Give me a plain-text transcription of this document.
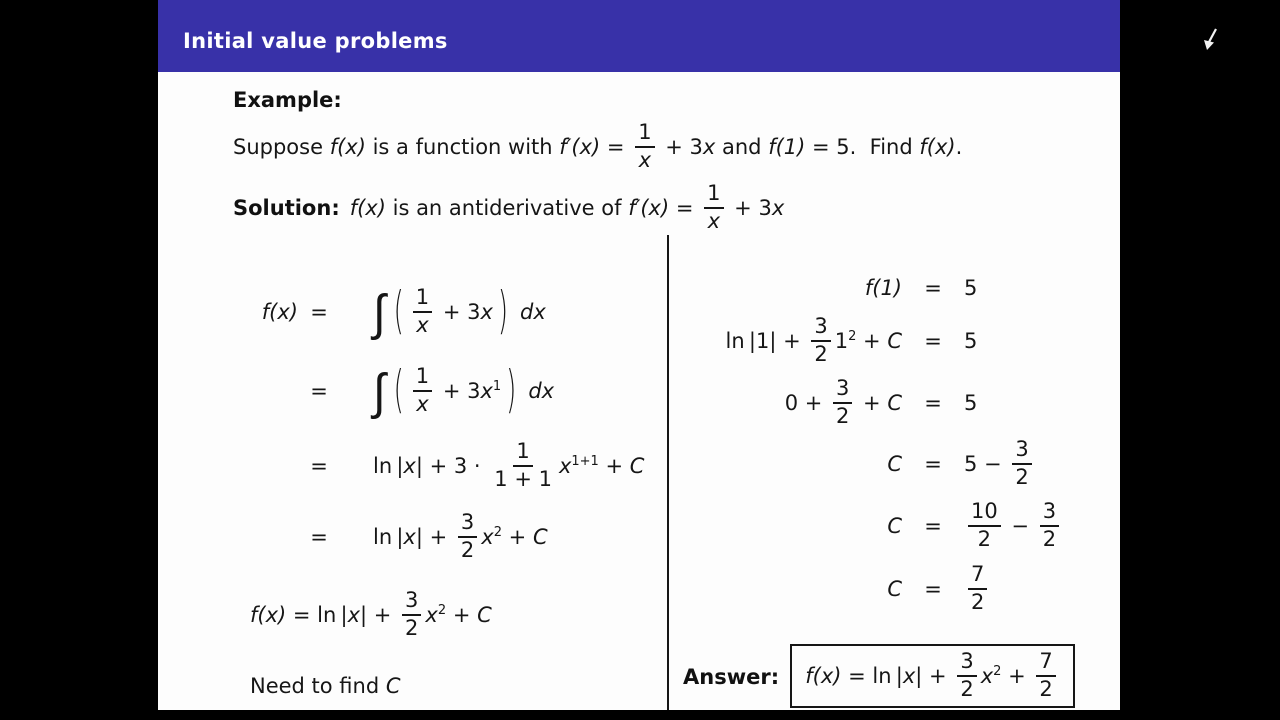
Initial value problems
Example:
Suppose f(x) is a function with $f'(x) = \frac{1}{x} + 3$ x and f(1) = 5.  Find f(x) .
Solution: f(x) is an antiderivative of $f'(x) = \frac{1}{x} + 3$ x
f(x) = ∫ ( $\frac{1}{x} + 3$ x ) dx
= ∫ ( $\frac{1}{x} + 3$ $x^1$ ) dx
=	ln | x | + $3 \cdot \frac{1}{1 + 1} x^{1+1} + C$
=	ln | x | + $\frac{3}{2} x^2 + C$
f(x) = ln | x | + $\frac{3}{2} x^2 + C$
Need to find C
f(1)	=	5
$\ln |1| + \frac{3}{2} 1^2 + C$	=	5
$0 + \frac{3}{2} + C$	=	5
C	=	$5 - \frac{3}{2}$
C	=	$\frac{10}{2} - \frac{3}{2}$
C	=	$\frac{7}{2}$
Answer: f(x) = ln | x | + $\frac{3}{2} x^2 + \frac{7}{2}$
